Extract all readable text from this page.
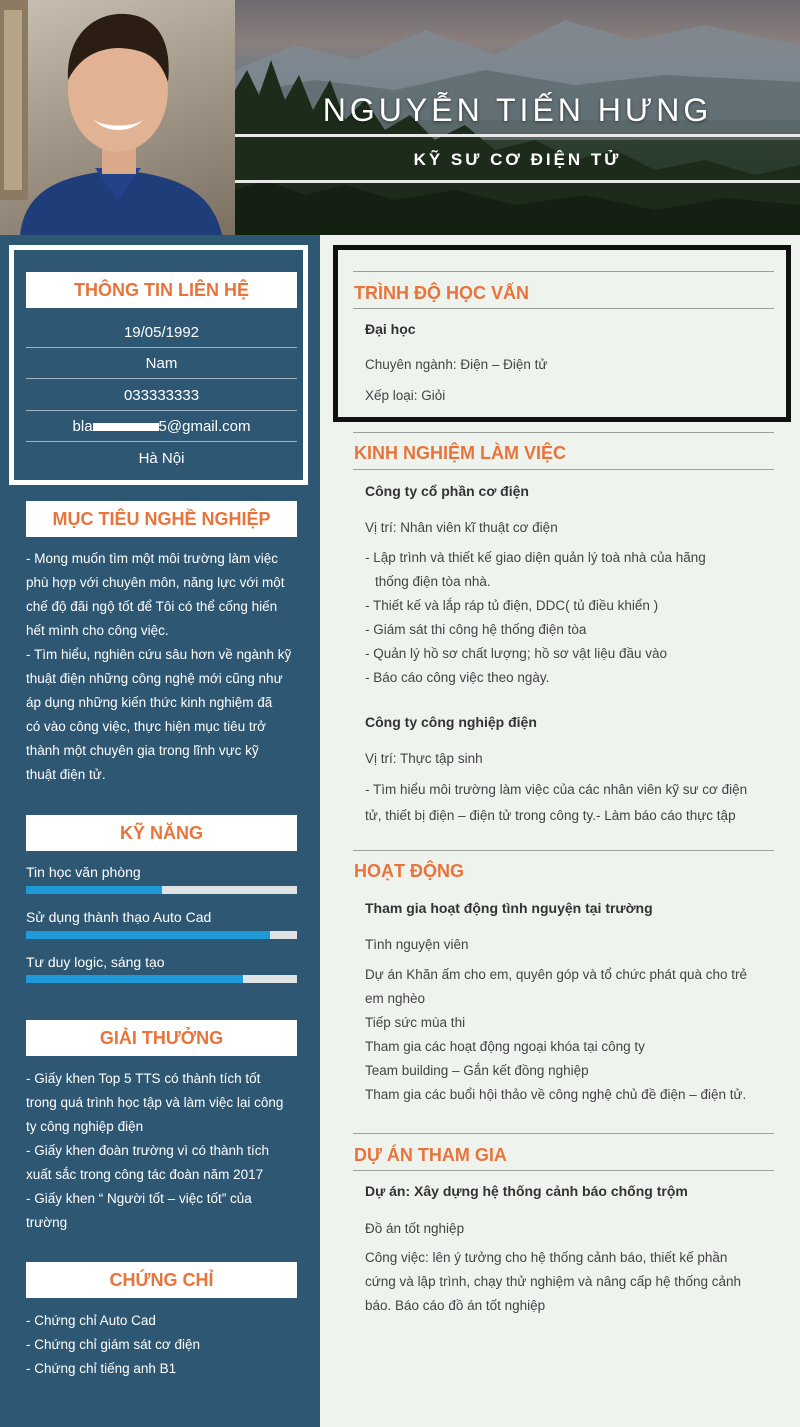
NGUYỄN TIẾN HƯNG
KỸ SƯ CƠ ĐIỆN TỬ
THÔNG TIN LIÊN HỆ
19/05/1992
Nam
033333333
bla	5@gmail.com
Hà Nội
MỤC TIÊU NGHỀ NGHIỆP
- Mong muốn tìm một môi trường làm việc
phù hợp với chuyên môn, năng lực với một
chế độ đãi ngộ tốt để Tôi có thể cống hiến
hết mình cho công việc.
- Tìm hiểu, nghiên cứu sâu hơn về ngành kỹ
thuật điện những công nghệ mới cũng như
áp dụng những kiến thức kinh nghiệm đã
có vào công việc, thực hiện mục tiêu trở
thành một chuyên gia trong lĩnh vực kỹ
thuật điện tử.
KỸ NĂNG
Tin học văn phòng
Sử dụng thành thạo Auto Cad
Tư duy logic, sáng tạo
GIẢI THƯỞNG
- Giấy khen Top 5 TTS có thành tích tốt
trong quá trình học tập và làm việc lại công
ty công nghiệp điện
- Giấy khen đoàn trường vì có thành tích
xuất sắc trong công tác đoàn năm 2017
- Giấy khen “ Người tốt – việc tốt” của
trường
CHỨNG CHỈ
- Chứng chỉ Auto Cad
- Chứng chỉ giám sát cơ điện
- Chứng chỉ tiếng anh B1
TRÌNH ĐỘ HỌC VẤN
Đại học
Chuyên ngành: Điện – Điện tử
Xếp loại: Giỏi
KINH NGHIỆM LÀM VIỆC
Công ty cổ phần cơ điện
Vị trí: Nhân viên kĩ thuật cơ điện
- Lập trình và thiết kế giao diện quản lý toà nhà của hãng
thống điện tòa nhà.
- Thiết kế và lắp ráp tủ điện, DDC( tủ điều khiển )
- Giám sát thi công hệ thống điện tòa
- Quản lý hồ sơ chất lượng; hồ sơ vật liệu đầu vào
- Báo cáo công việc theo ngày.
Công ty công nghiệp điện
Vị trí: Thực tập sinh
- Tìm hiểu môi trường làm việc của các nhân viên kỹ sư cơ điện
tử, thiết bị điện – điện tử trong công ty.- Làm báo cáo thực tập
HOẠT ĐỘNG
Tham gia hoạt động tình nguyện tại trường
Tình nguyện viên
Dự án Khăn ấm cho em, quyên góp và tổ chức phát quà cho trẻ
em nghèo
Tiếp sức mùa thi
Tham gia các hoạt động ngoại khóa tại công ty
Team building – Gắn kết đồng nghiệp
Tham gia các buổi hội thảo về công nghệ chủ đề điện – điện tử.
DỰ ÁN THAM GIA
Dự án: Xây dựng hệ thống cảnh báo chống trộm
Đồ án tốt nghiệp
Công việc: lên ý tưởng cho hệ thống cảnh báo, thiết kế phần
cứng và lập trình, chạy thử nghiệm và nâng cấp hệ thống cảnh
báo. Báo cáo đồ án tốt nghiệp
